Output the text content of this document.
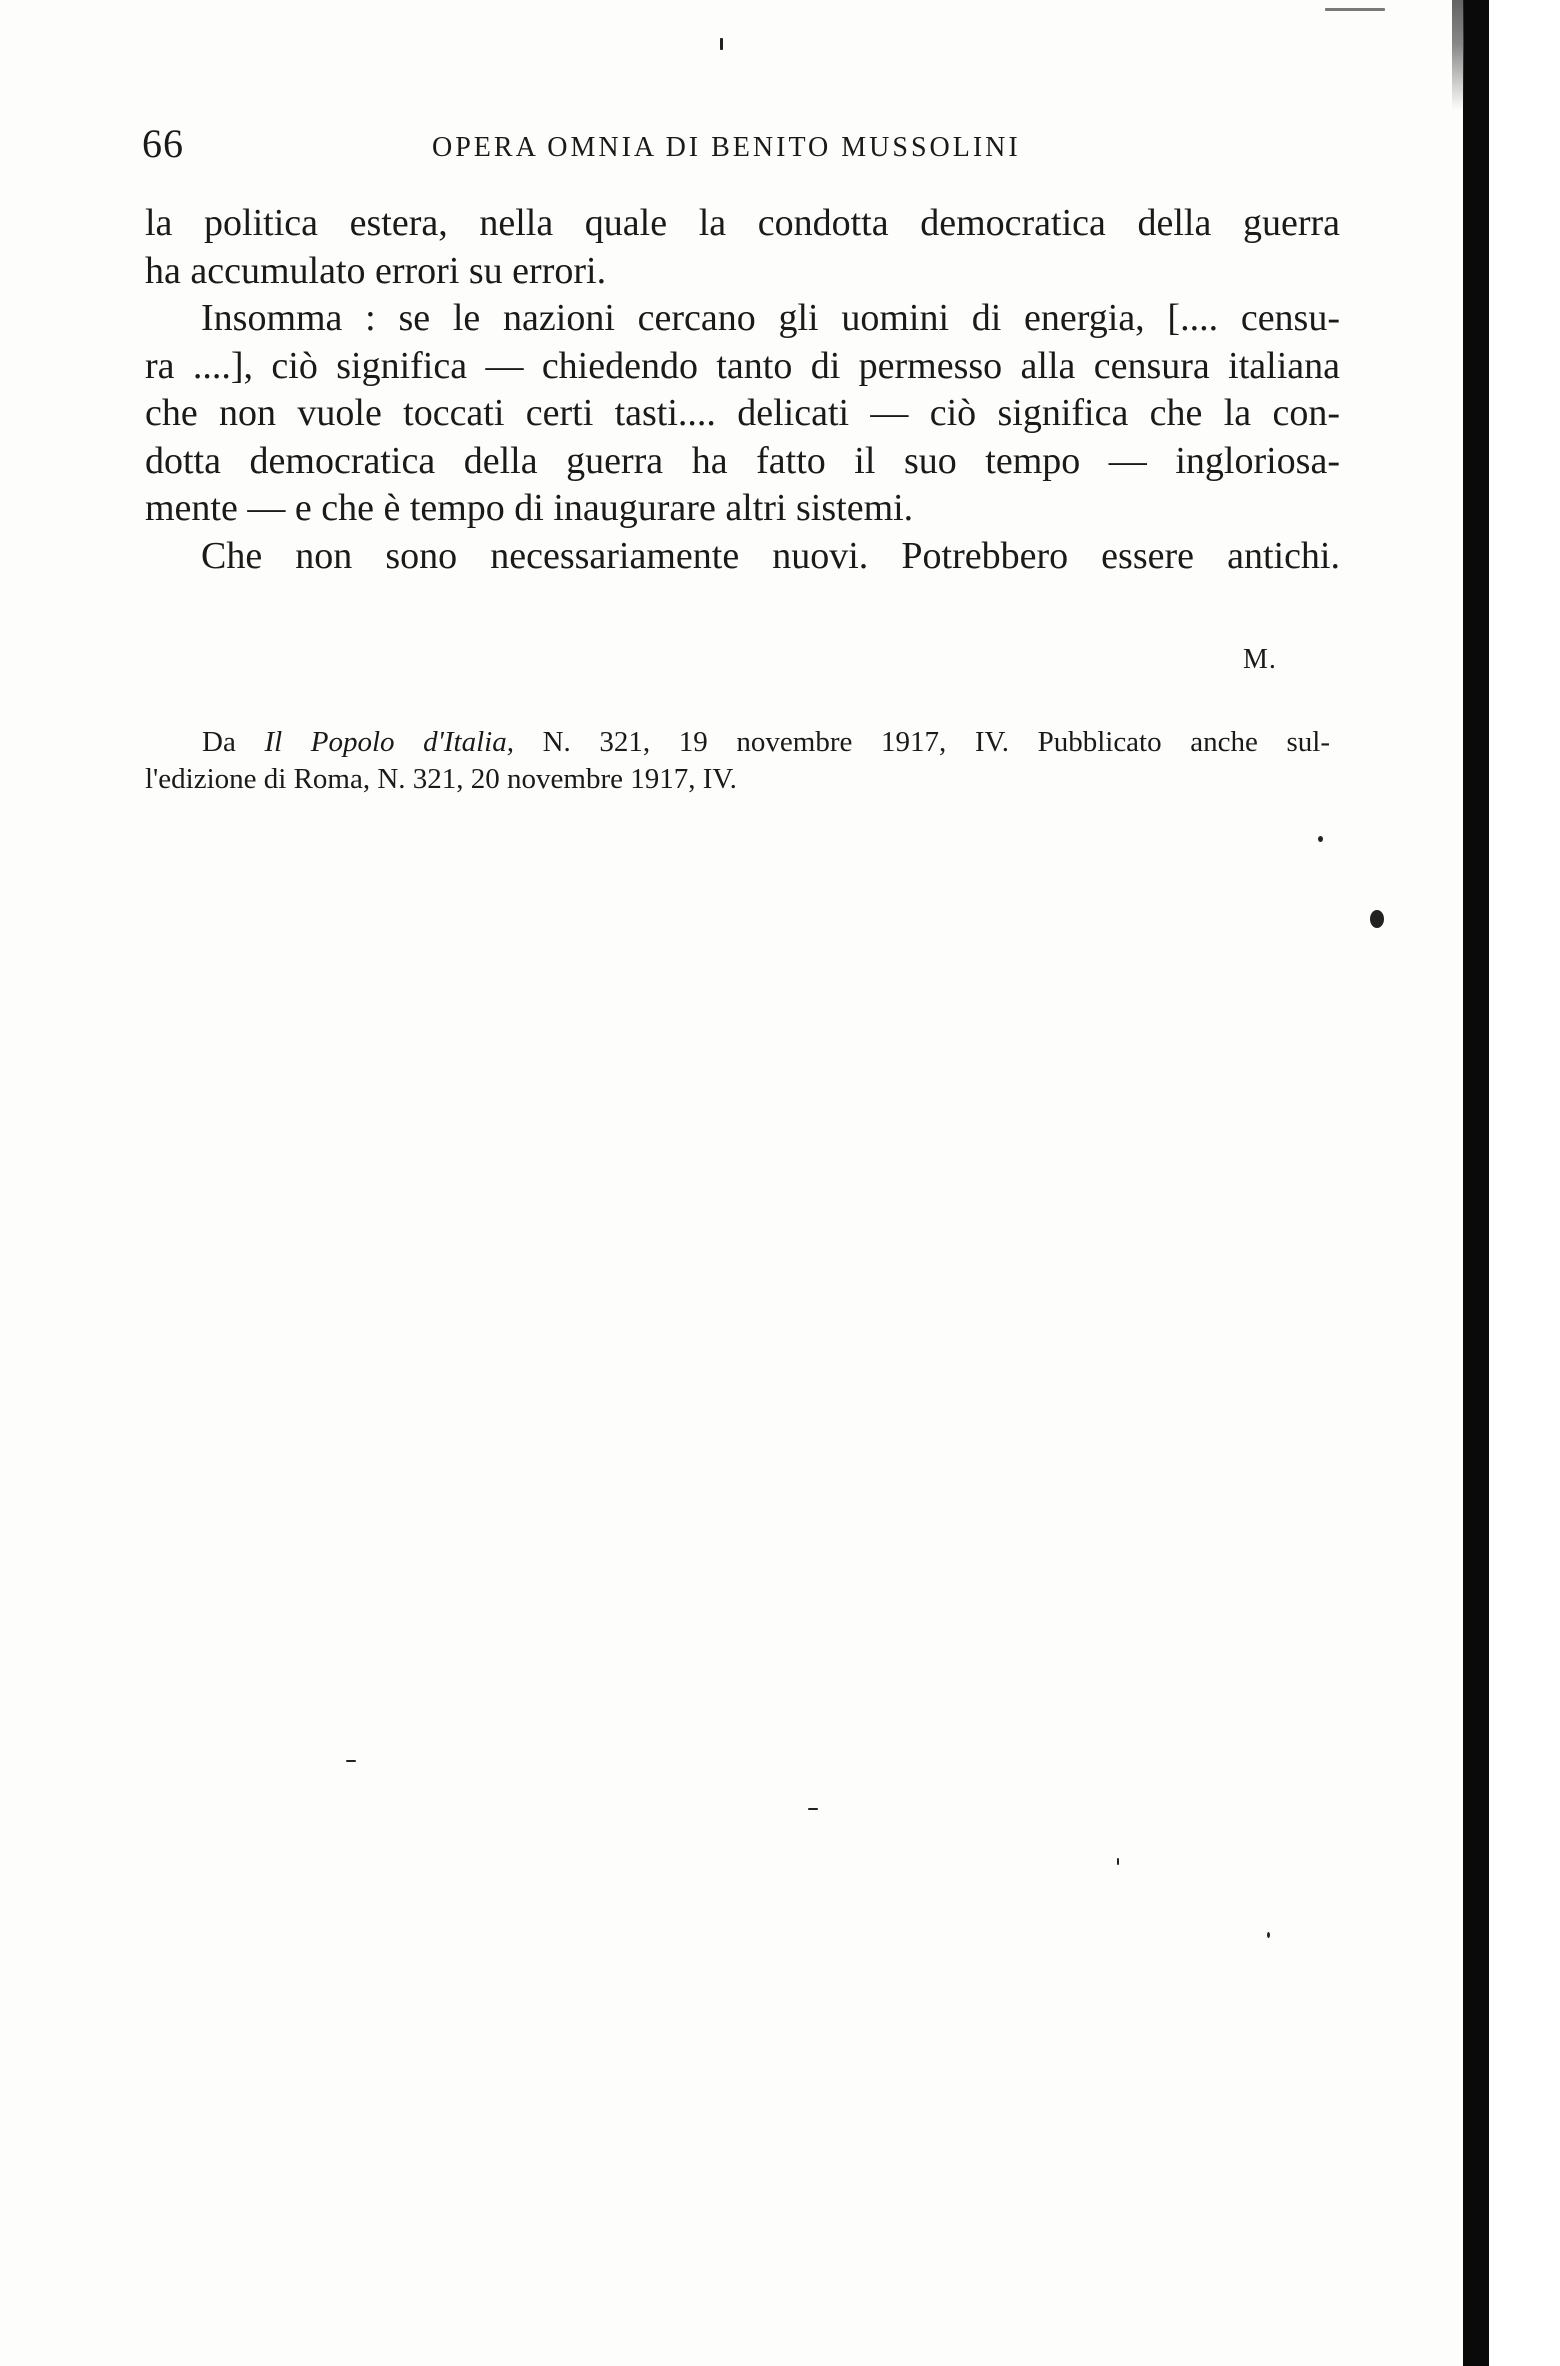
66	OPERA OMNIA DI BENITO MUSSOLINI

la politica estera, nella quale la condotta democratica della guerra
ha accumulato errori su errori.

Insomma : se le nazioni cercano gli uomini di energia, [.... censu-
ra ....], ciò significa — chiedendo tanto di permesso alla censura italiana
che non vuole toccati certi tasti.... delicati — ciò significa che la con-
dotta democratica della guerra ha fatto il suo tempo — ingloriosa-
mente — e che è tempo di inaugurare altri sistemi.

Che non sono necessariamente nuovi. Potrebbero essere antichi.

M.
Da Il Popolo d'Italia, N. 321, 19 novembre 1917, IV. Pubblicato anche sul-
l'edizione di Roma, N. 321, 20 novembre 1917, IV.
